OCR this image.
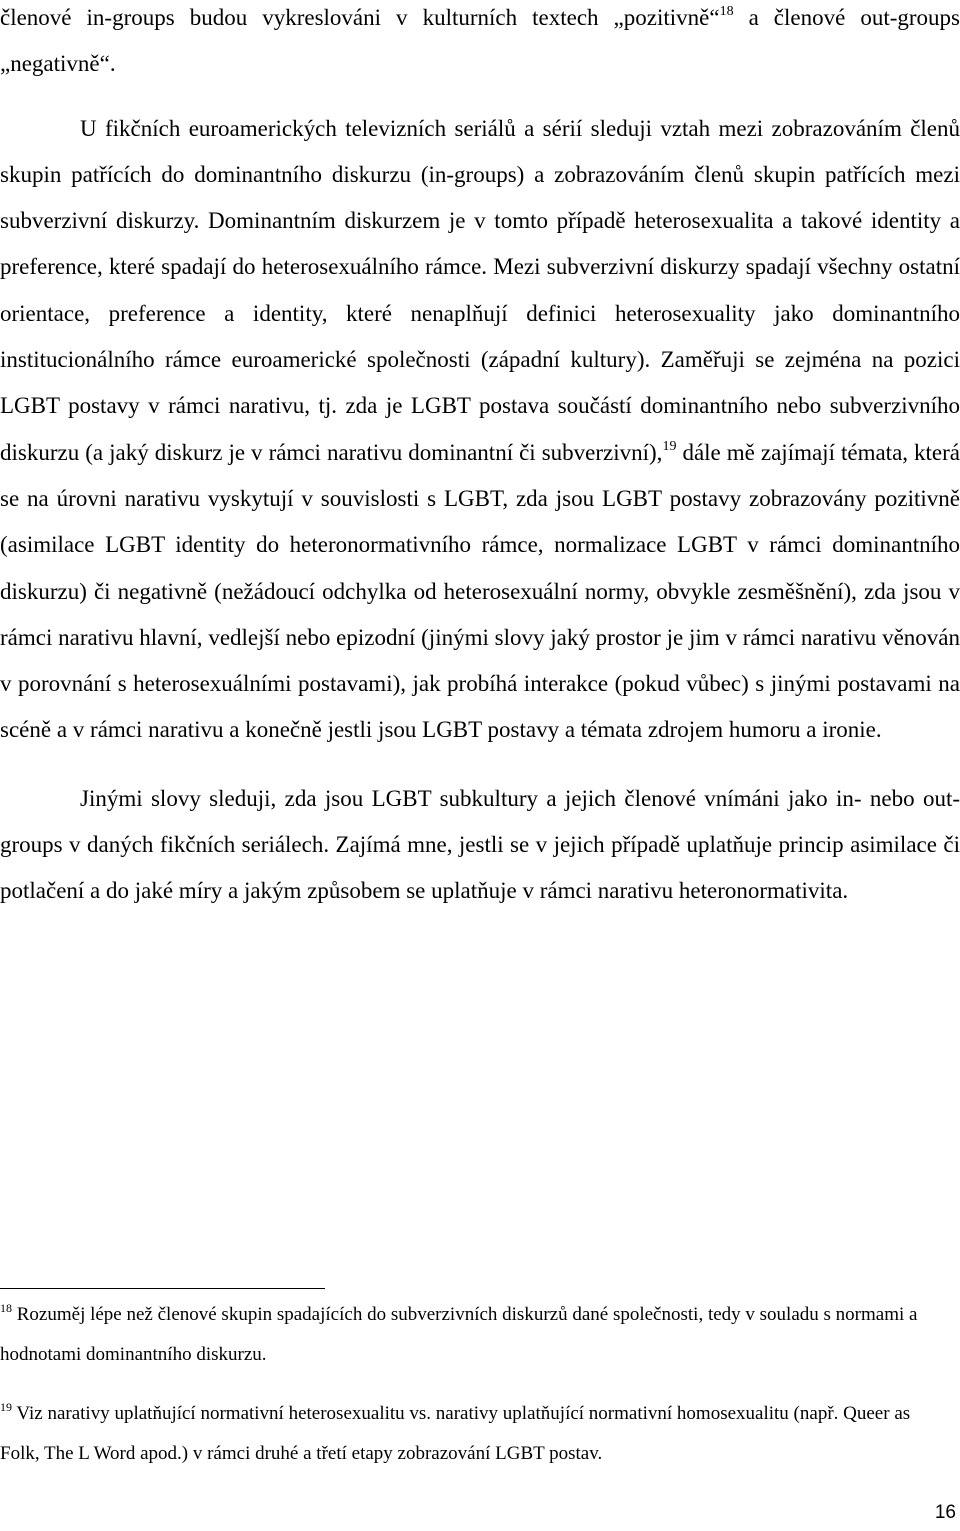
členové in-groups budou vykreslováni v kulturních textech „pozitivně“$^{18}$ a členové out-groups „negativně“.

U fikčních euroamerických televizních seriálů a sérií sleduji vztah mezi zobrazováním členů skupin patřících do dominantního diskurzu (in-groups) a zobrazováním členů skupin patřících mezi subverzivní diskurzy. Dominantním diskurzem je v tomto případě heterosexualita a takové identity a preference, které spadají do heterosexuálního rámce. Mezi subverzivní diskurzy spadají všechny ostatní orientace, preference a identity, které nenaplňují definici heterosexuality jako dominantního institucionálního rámce euroamerické společnosti (západní kultury). Zaměřuji se zejména na pozici LGBT postavy v rámci narativu, tj. zda je LGBT postava součástí dominantního nebo subverzivního diskurzu (a jaký diskurz je v rámci narativu dominantní či subverzivní),$^{19}$ dále mě zajímají témata, která se na úrovni narativu vyskytují v souvislosti s LGBT, zda jsou LGBT postavy zobrazovány pozitivně (asimilace LGBT identity do heteronormativního rámce, normalizace LGBT v rámci dominantního diskurzu) či negativně (nežádoucí odchylka od heterosexuální normy, obvykle zesměšnění), zda jsou v rámci narativu hlavní, vedlejší nebo epizodní (jinými slovy jaký prostor je jim v rámci narativu věnován v porovnání s heterosexuálními postavami), jak probíhá interakce (pokud vůbec) s jinými postavami na scéně a v rámci narativu a konečně jestli jsou LGBT postavy a témata zdrojem humoru a ironie.

Jinými slovy sleduji, zda jsou LGBT subkultury a jejich členové vnímáni jako in- nebo out-groups v daných fikčních seriálech. Zajímá mne, jestli se v jejich případě uplatňuje princip asimilace či potlačení a do jaké míry a jakým způsobem se uplatňuje v rámci narativu heteronormativita.

$^{18}$ Rozuměj lépe než členové skupin spadajících do subverzivních diskurzů dané společnosti, tedy v souladu s normami a hodnotami dominantního diskurzu.

$^{19}$ Viz narativy uplatňující normativní heterosexualitu vs. narativy uplatňující normativní homosexualitu (např. Queer as Folk, The L Word apod.) v rámci druhé a třetí etapy zobrazování LGBT postav.

16
